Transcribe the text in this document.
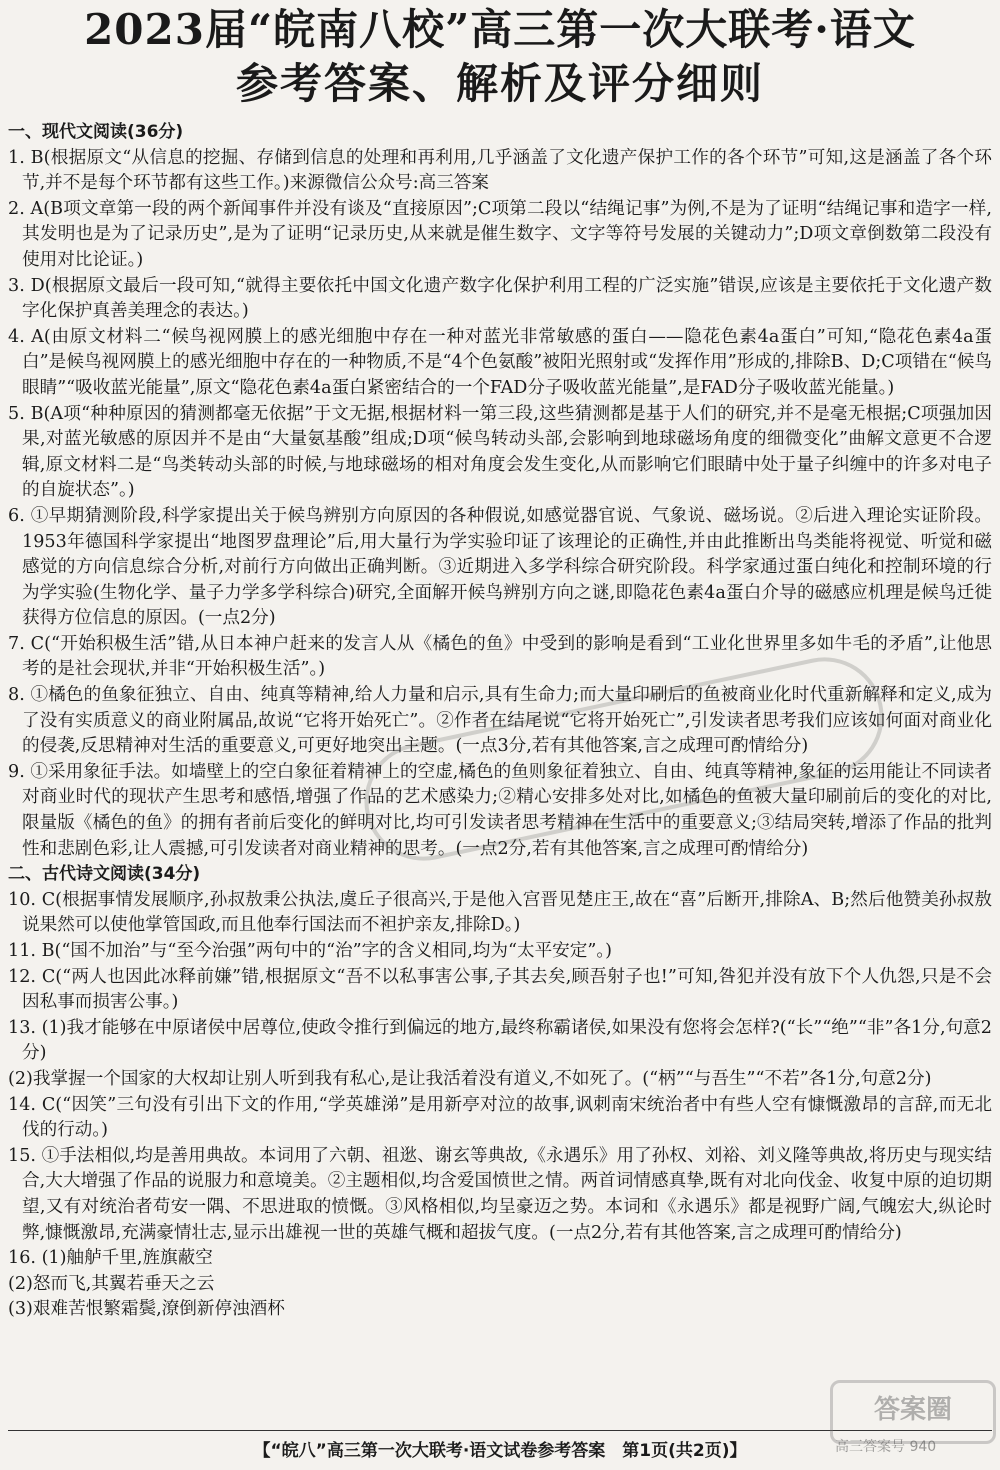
2023届“皖南八校”高三第一次大联考·语文
参考答案、解析及评分细则
一、现代文阅读(36分)
1. B(根据原文“从信息的挖掘、存储到信息的处理和再利用,几乎涵盖了文化遗产保护工作的各个环节”可知,这是涵盖了各个环节,并不是每个环节都有这些工作。)来源微信公众号:高三答案
2. A(B项文章第一段的两个新闻事件并没有谈及“直接原因”;C项第二段以“结绳记事”为例,不是为了证明“结绳记事和造字一样,其发明也是为了记录历史”,是为了证明“记录历史,从来就是催生数字、文字等符号发展的关键动力”;D项文章倒数第二段没有使用对比论证。)
3. D(根据原文最后一段可知,“就得主要依托中国文化遗产数字化保护利用工程的广泛实施”错误,应该是主要依托于文化遗产数字化保护真善美理念的表达。)
4. A(由原文材料二“候鸟视网膜上的感光细胞中存在一种对蓝光非常敏感的蛋白——隐花色素4a蛋白”可知,“隐花色素4a蛋白”是候鸟视网膜上的感光细胞中存在的一种物质,不是“4个色氨酸”被阳光照射或“发挥作用”形成的,排除B、D;C项错在“候鸟眼睛”“吸收蓝光能量”,原文“隐花色素4a蛋白紧密结合的一个FAD分子吸收蓝光能量”,是FAD分子吸收蓝光能量。)
5. B(A项“种种原因的猜测都毫无依据”于文无据,根据材料一第三段,这些猜测都是基于人们的研究,并不是毫无根据;C项强加因果,对蓝光敏感的原因并不是由“大量氨基酸”组成;D项“候鸟转动头部,会影响到地球磁场角度的细微变化”曲解文意更不合逻辑,原文材料二是“鸟类转动头部的时候,与地球磁场的相对角度会发生变化,从而影响它们眼睛中处于量子纠缠中的许多对电子的自旋状态”。)
6. ①早期猜测阶段,科学家提出关于候鸟辨别方向原因的各种假说,如感觉器官说、气象说、磁场说。②后进入理论实证阶段。1953年德国科学家提出“地图罗盘理论”后,用大量行为学实验印证了该理论的正确性,并由此推断出鸟类能将视觉、听觉和磁感觉的方向信息综合分析,对前行方向做出正确判断。③近期进入多学科综合研究阶段。科学家通过蛋白纯化和控制环境的行为学实验(生物化学、量子力学多学科综合)研究,全面解开候鸟辨别方向之谜,即隐花色素4a蛋白介导的磁感应机理是候鸟迁徙获得方位信息的原因。(一点2分)
7. C(“开始积极生活”错,从日本神户赶来的发言人从《橘色的鱼》中受到的影响是看到“工业化世界里多如牛毛的矛盾”,让他思考的是社会现状,并非“开始积极生活”。)
8. ①橘色的鱼象征独立、自由、纯真等精神,给人力量和启示,具有生命力;而大量印刷后的鱼被商业化时代重新解释和定义,成为了没有实质意义的商业附属品,故说“它将开始死亡”。②作者在结尾说“它将开始死亡”,引发读者思考我们应该如何面对商业化的侵袭,反思精神对生活的重要意义,可更好地突出主题。(一点3分,若有其他答案,言之成理可酌情给分)
9. ①采用象征手法。如墙壁上的空白象征着精神上的空虚,橘色的鱼则象征着独立、自由、纯真等精神,象征的运用能让不同读者对商业时代的现状产生思考和感悟,增强了作品的艺术感染力;②精心安排多处对比,如橘色的鱼被大量印刷前后的变化的对比,限量版《橘色的鱼》的拥有者前后变化的鲜明对比,均可引发读者思考精神在生活中的重要意义;③结局突转,增添了作品的批判性和悲剧色彩,让人震撼,可引发读者对商业精神的思考。(一点2分,若有其他答案,言之成理可酌情给分)
二、古代诗文阅读(34分)
10. C(根据事情发展顺序,孙叔敖秉公执法,虞丘子很高兴,于是他入宫晋见楚庄王,故在“喜”后断开,排除A、B;然后他赞美孙叔敖说果然可以使他掌管国政,而且他奉行国法而不袒护亲友,排除D。)
11. B(“国不加治”与“至今治强”两句中的“治”字的含义相同,均为“太平安定”。)
12. C(“两人也因此冰释前嫌”错,根据原文“吾不以私事害公事,子其去矣,顾吾射子也!”可知,咎犯并没有放下个人仇怨,只是不会因私事而损害公事。)
13. (1)我才能够在中原诸侯中居尊位,使政令推行到偏远的地方,最终称霸诸侯,如果没有您将会怎样?(“长”“绝”“非”各1分,句意2分)
(2)我掌握一个国家的大权却让别人听到我有私心,是让我活着没有道义,不如死了。(“柄”“与吾生”“不若”各1分,句意2分)
14. C(“因笑”三句没有引出下文的作用,“学英雄涕”是用新亭对泣的故事,讽刺南宋统治者中有些人空有慷慨激昂的言辞,而无北伐的行动。)
15. ①手法相似,均是善用典故。本词用了六朝、祖逖、谢玄等典故,《永遇乐》用了孙权、刘裕、刘义隆等典故,将历史与现实结合,大大增强了作品的说服力和意境美。②主题相似,均含爱国愤世之情。两首词情感真挚,既有对北向伐金、收复中原的迫切期望,又有对统治者苟安一隅、不思进取的愤慨。③风格相似,均呈豪迈之势。本词和《永遇乐》都是视野广阔,气魄宏大,纵论时弊,慷慨激昂,充满豪情壮志,显示出雄视一世的英雄气概和超拔气度。(一点2分,若有其他答案,言之成理可酌情给分)
16. (1)舳舻千里,旌旗蔽空
(2)怒而飞,其翼若垂天之云
(3)艰难苦恨繁霜鬓,潦倒新停浊酒杯
【“皖八”高三第一次大联考·语文试卷参考答案　第1页(共2页)】
答案圈
高三答案号 940
